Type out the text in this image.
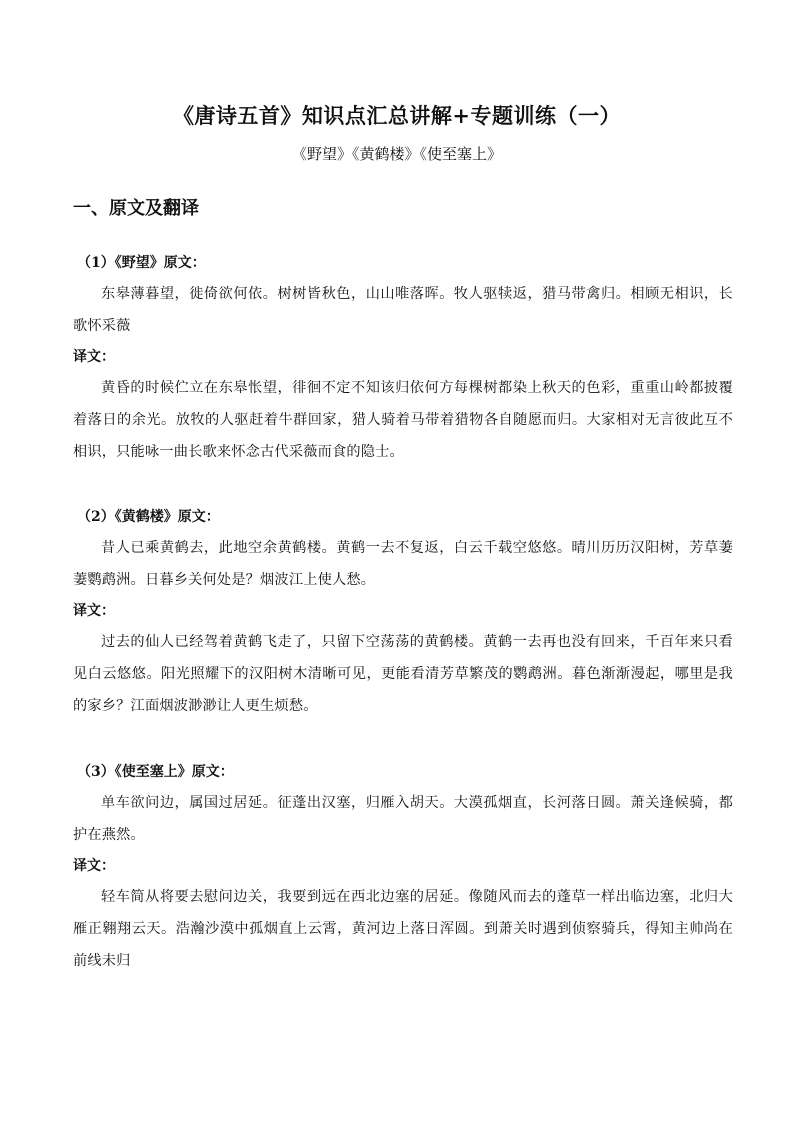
《唐诗五首》知识点汇总讲解+专题训练（一）
《野望》《黄鹤楼》《使至塞上》
一、原文及翻译
（1）《野望》原文：

东皋薄暮望，徙倚欲何依。树树皆秋色，山山唯落晖。牧人驱犊返，猎马带禽归。相顾无相识，长歌怀采薇

译文：

黄昏的时候伫立在东皋怅望，徘徊不定不知该归依何方每棵树都染上秋天的色彩，重重山岭都披覆着落日的余光。放牧的人驱赶着牛群回家，猎人骑着马带着猎物各自随愿而归。大家相对无言彼此互不相识，只能咏一曲长歌来怀念古代采薇而食的隐士。

（2）《黄鹤楼》原文：

昔人已乘黄鹤去，此地空余黄鹤楼。黄鹤一去不复返，白云千载空悠悠。晴川历历汉阳树，芳草萋萋鹦鹉洲。日暮乡关何处是？烟波江上使人愁。

译文：

过去的仙人已经驾着黄鹤飞走了，只留下空荡荡的黄鹤楼。黄鹤一去再也没有回来，千百年来只看见白云悠悠。阳光照耀下的汉阳树木清晰可见，更能看清芳草繁茂的鹦鹉洲。暮色渐渐漫起，哪里是我的家乡？江面烟波渺渺让人更生烦愁。

（3）《使至塞上》原文：

单车欲问边，属国过居延。征蓬出汉塞，归雁入胡天。大漠孤烟直，长河落日圆。萧关逢候骑，都护在燕然。

译文：

轻车简从将要去慰问边关，我要到远在西北边塞的居延。像随风而去的蓬草一样出临边塞，北归大雁正翱翔云天。浩瀚沙漠中孤烟直上云霄，黄河边上落日浑圆。到萧关时遇到侦察骑兵，得知主帅尚在前线未归
